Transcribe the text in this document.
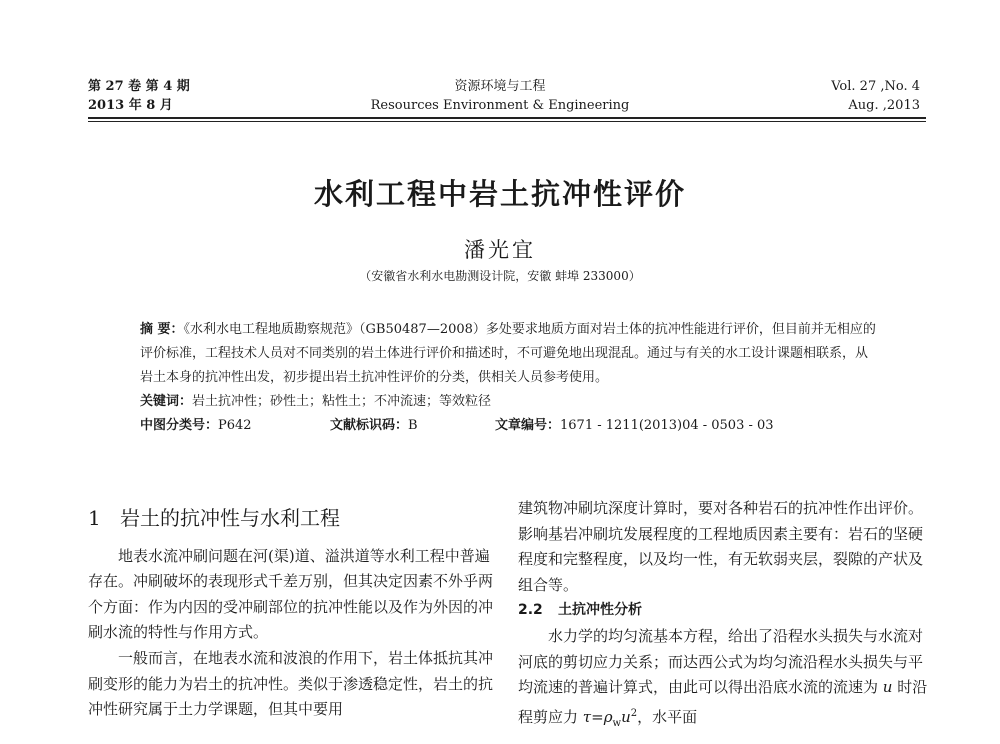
第 27 卷 第 4 期
2013 年 8 月
资源环境与工程
Resources Environment & Engineering
Vol. 27 ,No. 4
Aug. ,2013
水利工程中岩土抗冲性评价
潘光宜
（安徽省水利水电勘测设计院，安徽 蚌埠 233000）

摘 要：《水利水电工程地质勘察规范》（GB50487—2008）多处要求地质方面对岩土体的抗冲性能进行评价，但目前并无相应的评价标准，工程技术人员对不同类别的岩土体进行评价和描述时，不可避免地出现混乱。通过与有关的水工设计课题相联系，从岩土本身的抗冲性出发，初步提出岩土抗冲性评价的分类，供相关人员参考使用。

关键词：岩土抗冲性；砂性土；粘性土；不冲流速；等效粒径

中图分类号：P642	文献标识码：B	文章编号：1671 - 1211(2013)04 - 0503 - 03

1 岩土的抗冲性与水利工程

地表水流冲刷问题在河(渠)道、溢洪道等水利工程中普遍存在。冲刷破坏的表现形式千差万别，但其决定因素不外乎两个方面：作为内因的受冲刷部位的抗冲性能以及作为外因的冲刷水流的特性与作用方式。

一般而言，在地表水流和波浪的作用下，岩土体抵抗其冲刷变形的能力为岩土的抗冲性。类似于渗透稳定性，岩土的抗冲性研究属于土力学课题，但其中要用

建筑物冲刷坑深度计算时，要对各种岩石的抗冲性作出评价。影响基岩冲刷坑发展程度的工程地质因素主要有：岩石的坚硬程度和完整程度，以及均一性，有无软弱夹层，裂隙的产状及组合等。

2.2 土抗冲性分析

水力学的均匀流基本方程，给出了沿程水头损失与水流对河底的剪切应力关系；而达西公式为均匀流沿程水头损失与平均流速的普遍计算式，由此可以得出沿底水流的流速为 u 时沿程剪应力 $\tau=\rho_wu^2$，水平面
